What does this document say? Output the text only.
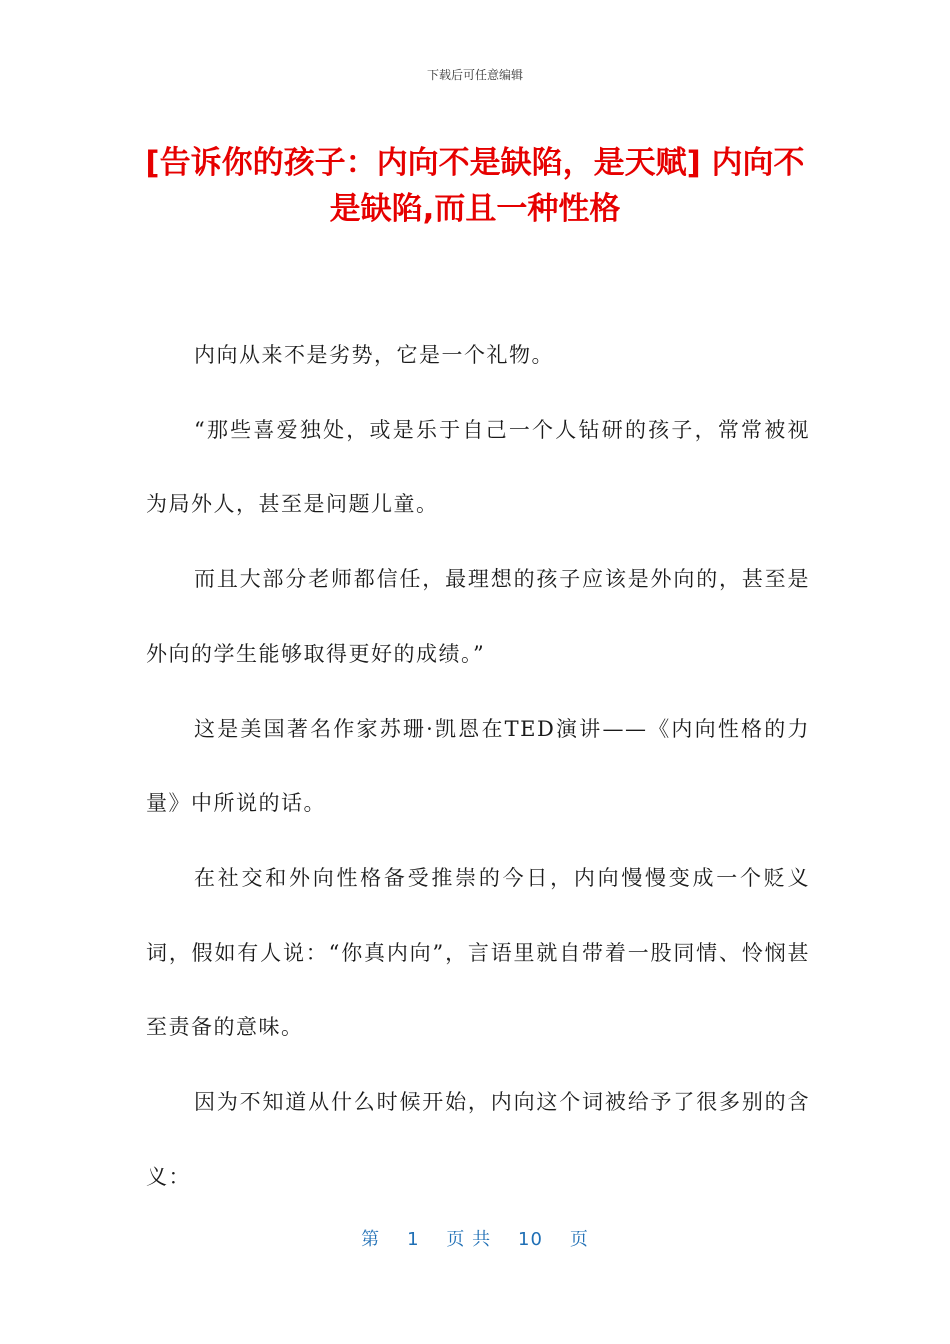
下载后可任意编辑
[告诉你的孩子：内向不是缺陷，是天赋] 内向不是缺陷,而且一种性格

内向从来不是劣势，它是一个礼物。

“那些喜爱独处，或是乐于自己一个人钻研的孩子，常常被视为局外人，甚至是问题儿童。

而且大部分老师都信任，最理想的孩子应该是外向的，甚至是外向的学生能够取得更好的成绩。”

这是美国著名作家苏珊·凯恩在TED演讲——《内向性格的力量》中所说的话。

在社交和外向性格备受推崇的今日，内向慢慢变成一个贬义词，假如有人说：“你真内向”，言语里就自带着一股同情、怜悯甚至责备的意味。

因为不知道从什么时候开始，内向这个词被给予了很多别的含义：

第 1 页 共 10 页
